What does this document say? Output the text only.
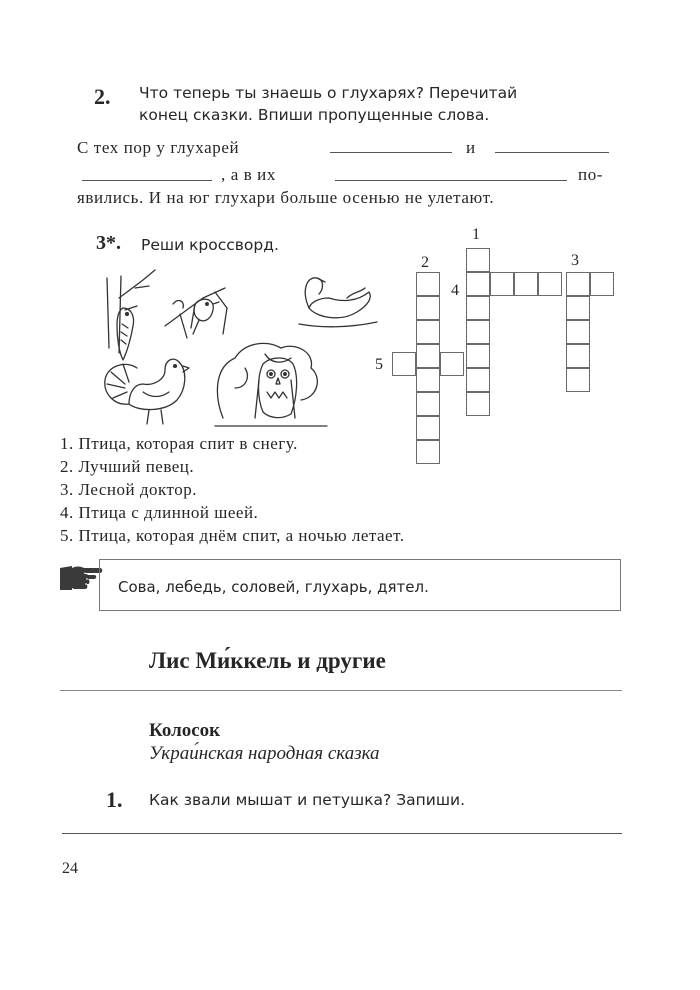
2. Что теперь ты знаешь о глухарях? Перечитай
конец сказки. Впиши пропущенные слова.
С тех пор у глухарей	и
, а в их	по-
явились. И на юг глухари больше осенью не улетают.
3*. Реши кроссворд.
1
2	3
4
5
1. Птица, которая спит в снегу.
2. Лучший певец.
3. Лесной доктор.
4. Птица с длинной шеей.
5. Птица, которая днём спит, а ночью летает.
Сова, лебедь, соловей, глухарь, дятел.
Лис Ми́ккель и другие
Колосок
Украи́нская народная сказка
1. Как звали мышат и петушка? Запиши.
24
